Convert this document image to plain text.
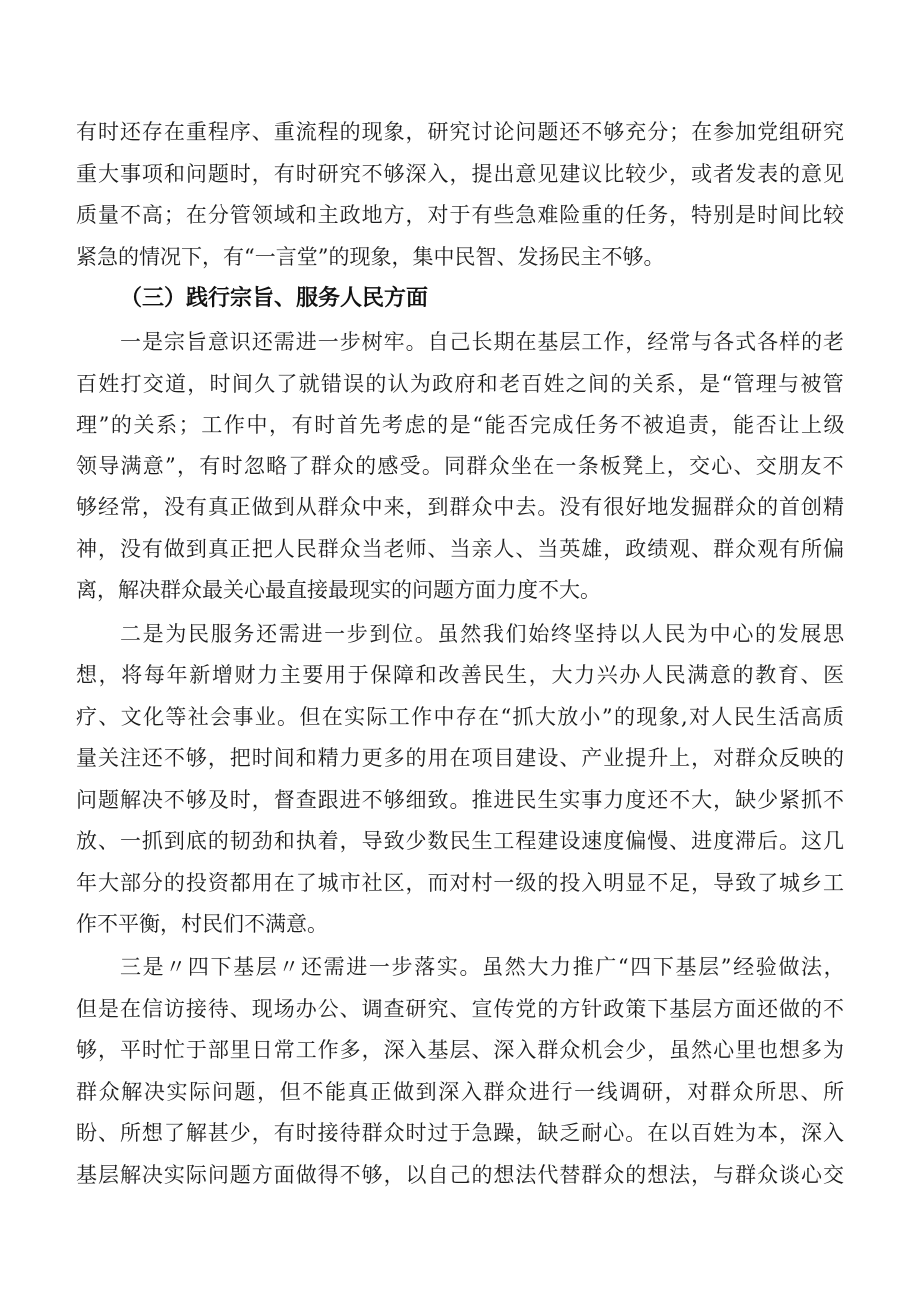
有时还存在重程序、重流程的现象，研究讨论问题还不够充分；在参加党组研究
重大事项和问题时，有时研究不够深入，提出意见建议比较少，或者发表的意见
质量不高；在分管领域和主政地方，对于有些急难险重的任务，特别是时间比较
紧急的情况下，有“一言堂”的现象，集中民智、发扬民主不够。
（三）践行宗旨、服务人民方面
一是宗旨意识还需进一步树牢。自己长期在基层工作，经常与各式各样的老
百姓打交道，时间久了就错误的认为政府和老百姓之间的关系，是“管理与被管
理”的关系；工作中，有时首先考虑的是“能否完成任务不被追责，能否让上级
领导满意”，有时忽略了群众的感受。同群众坐在一条板凳上，交心、交朋友不
够经常，没有真正做到从群众中来，到群众中去。没有很好地发掘群众的首创精
神，没有做到真正把人民群众当老师、当亲人、当英雄，政绩观、群众观有所偏
离，解决群众最关心最直接最现实的问题方面力度不大。
二是为民服务还需进一步到位。虽然我们始终坚持以人民为中心的发展思
想，将每年新增财力主要用于保障和改善民生，大力兴办人民满意的教育、医
疗、文化等社会事业。但在实际工作中存在“抓大放小”的现象,对人民生活高质
量关注还不够，把时间和精力更多的用在项目建设、产业提升上，对群众反映的
问题解决不够及时，督查跟进不够细致。推进民生实事力度还不大，缺少紧抓不
放、一抓到底的韧劲和执着，导致少数民生工程建设速度偏慢、进度滞后。这几
年大部分的投资都用在了城市社区，而对村一级的投入明显不足，导致了城乡工
作不平衡，村民们不满意。
三是〃四下基层〃还需进一步落实。虽然大力推广“四下基层”经验做法，
但是在信访接待、现场办公、调查研究、宣传党的方针政策下基层方面还做的不
够，平时忙于部里日常工作多，深入基层、深入群众机会少，虽然心里也想多为
群众解决实际问题，但不能真正做到深入群众进行一线调研，对群众所思、所
盼、所想了解甚少，有时接待群众时过于急躁，缺乏耐心。在以百姓为本，深入
基层解决实际问题方面做得不够，以自己的想法代替群众的想法，与群众谈心交
